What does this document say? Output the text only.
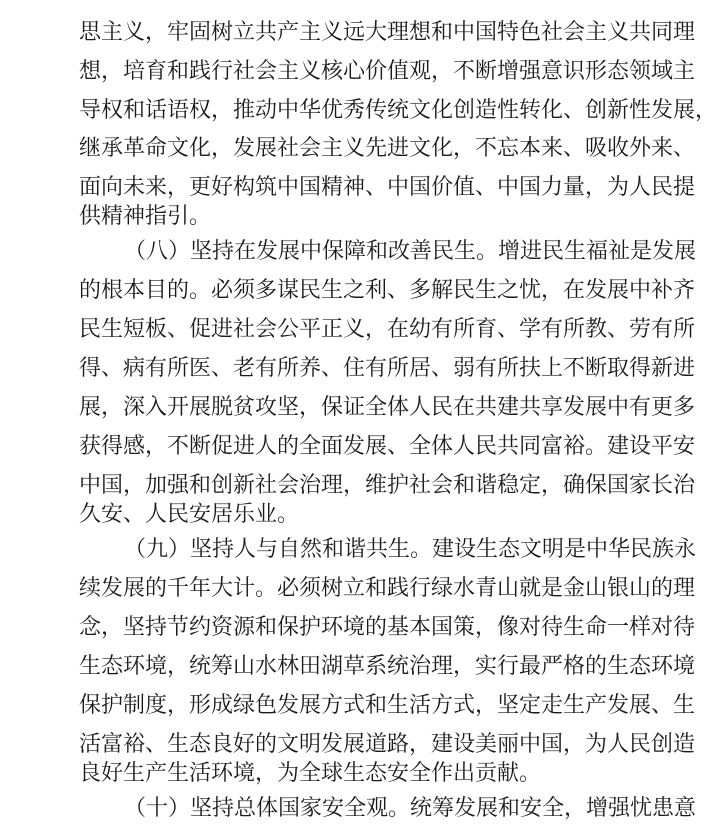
思主义，牢固树立共产主义远大理想和中国特色社会主义共同理
想，培育和践行社会主义核心价值观，不断增强意识形态领域主
导权和话语权，推动中华优秀传统文化创造性转化、创新性发展，
继承革命文化，发展社会主义先进文化，不忘本来、吸收外来、
面向未来，更好构筑中国精神、中国价值、中国力量，为人民提
供精神指引。
（八）坚持在发展中保障和改善民生。增进民生福祉是发展
的根本目的。必须多谋民生之利、多解民生之忧，在发展中补齐
民生短板、促进社会公平正义，在幼有所育、学有所教、劳有所
得、病有所医、老有所养、住有所居、弱有所扶上不断取得新进
展，深入开展脱贫攻坚，保证全体人民在共建共享发展中有更多
获得感，不断促进人的全面发展、全体人民共同富裕。建设平安
中国，加强和创新社会治理，维护社会和谐稳定，确保国家长治
久安、人民安居乐业。
（九）坚持人与自然和谐共生。建设生态文明是中华民族永
续发展的千年大计。必须树立和践行绿水青山就是金山银山的理
念，坚持节约资源和保护环境的基本国策，像对待生命一样对待
生态环境，统筹山水林田湖草系统治理，实行最严格的生态环境
保护制度，形成绿色发展方式和生活方式，坚定走生产发展、生
活富裕、生态良好的文明发展道路，建设美丽中国，为人民创造
良好生产生活环境，为全球生态安全作出贡献。
（十）坚持总体国家安全观。统筹发展和安全，增强忧患意
